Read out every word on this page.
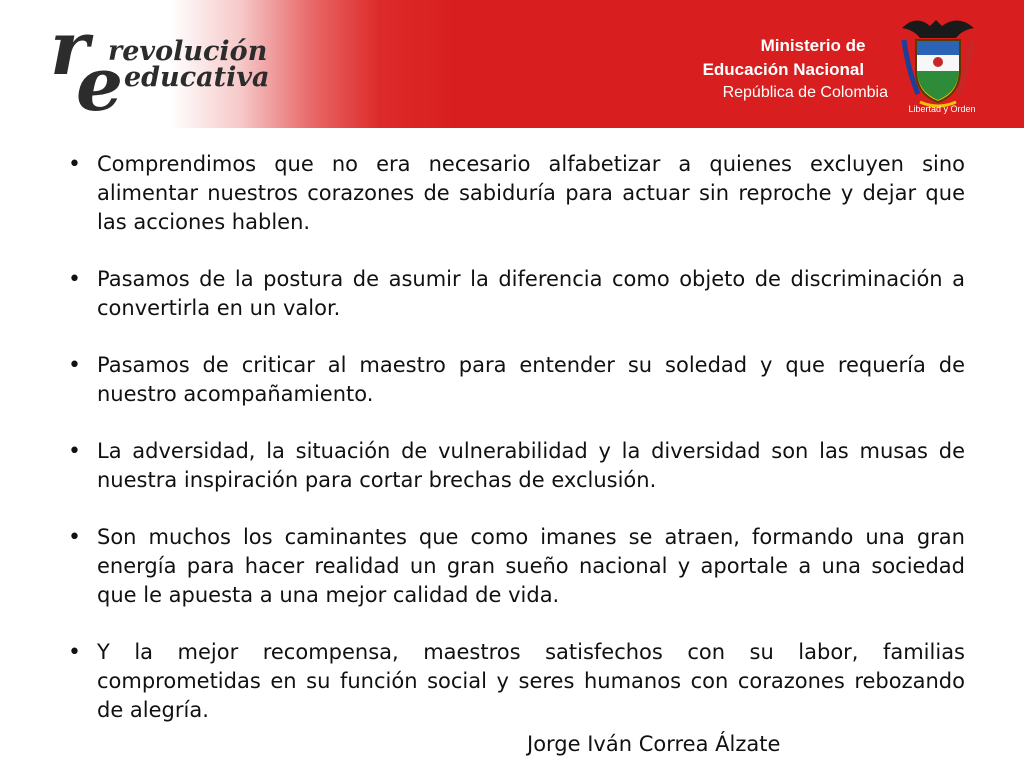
r
e
revolución
educativa
Ministerio de
Educación Nacional
República de Colombia
Libertad y Orden
• Comprendimos que no era necesario alfabetizar a quienes excluyen sino alimentar nuestros corazones de sabiduría para actuar sin reproche y dejar que las acciones hablen.
• Pasamos de la postura de asumir la diferencia como objeto de discriminación a convertirla en un valor.
• Pasamos de criticar al maestro para entender su soledad y que requería de nuestro acompañamiento.
• La adversidad, la situación de vulnerabilidad y la diversidad son las musas de nuestra inspiración para cortar brechas de exclusión.
• Son muchos los caminantes que como imanes se atraen, formando una gran energía para hacer realidad un gran sueño nacional y aportale a una sociedad que le apuesta a una mejor calidad de vida.
• Y la mejor recompensa, maestros satisfechos con su labor, familias comprometidas en su función social y seres humanos con corazones rebozando de alegría.
Jorge Iván Correa Álzate
